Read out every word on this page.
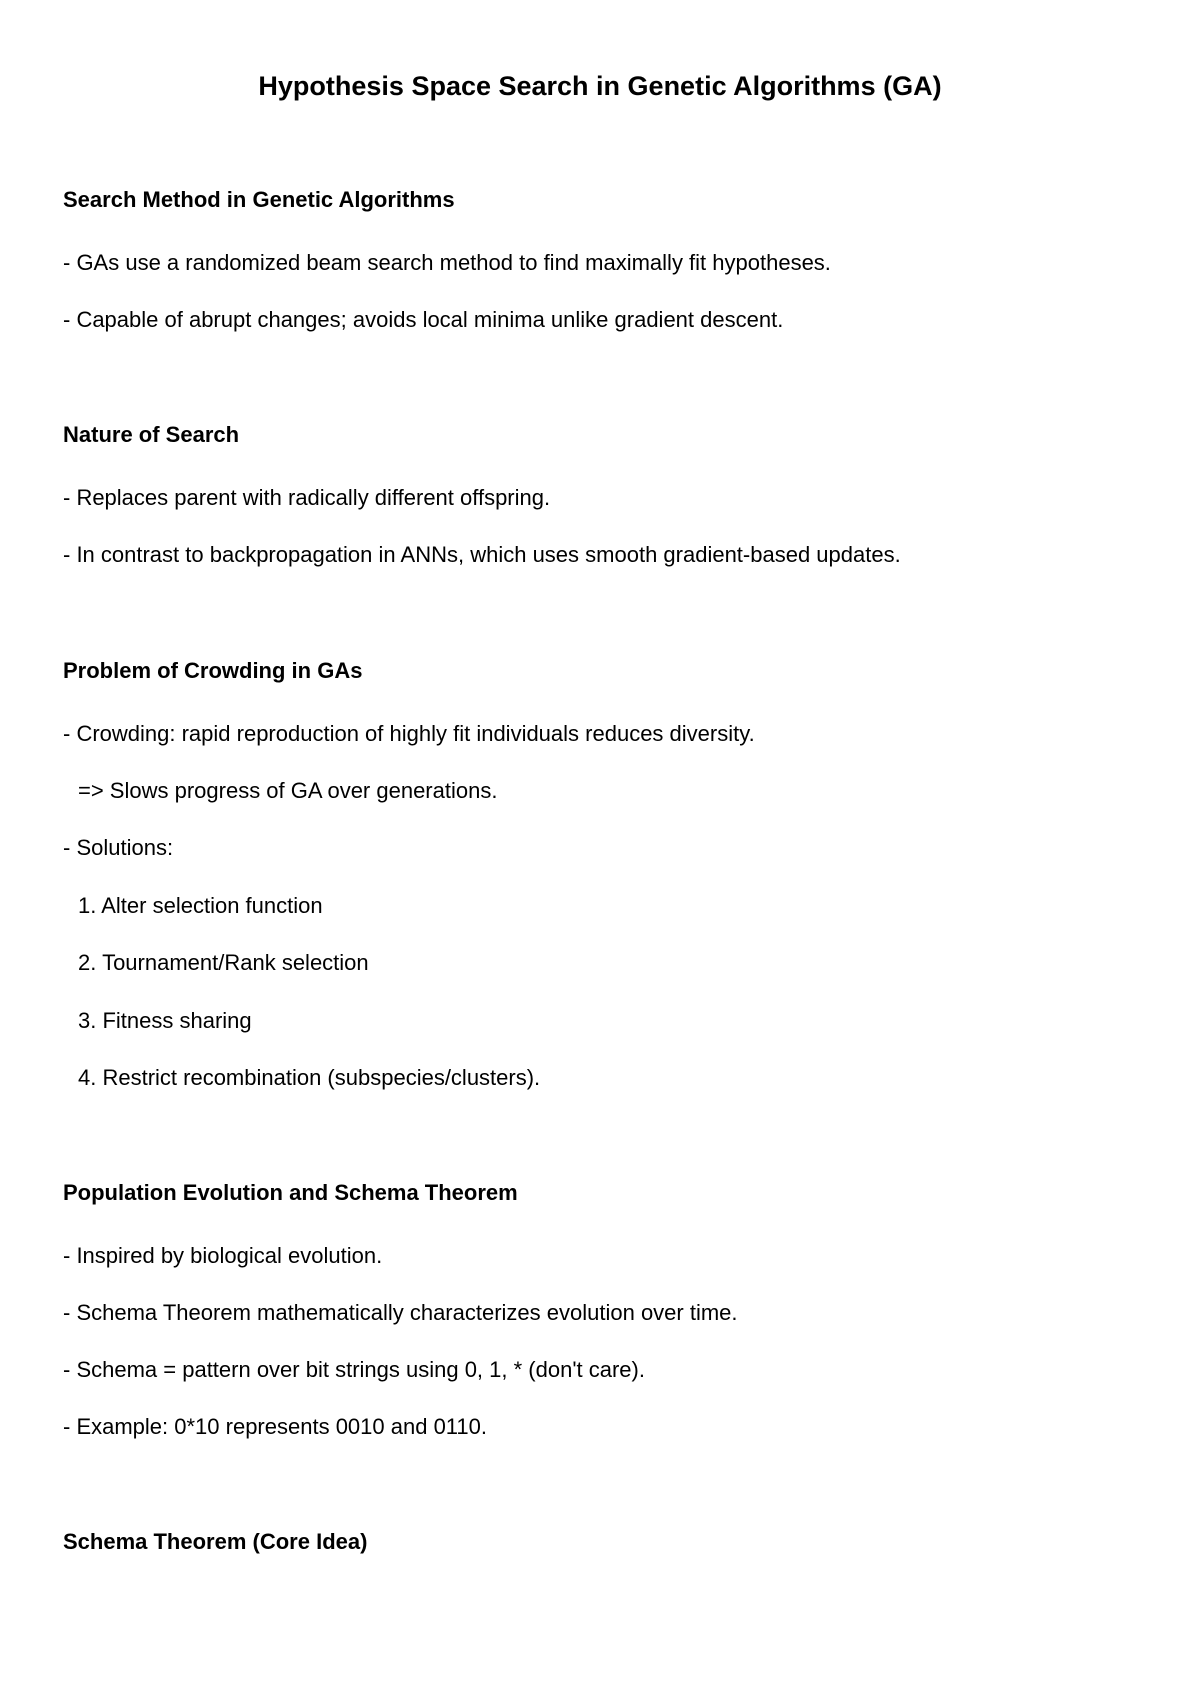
Hypothesis Space Search in Genetic Algorithms (GA)
Search Method in Genetic Algorithms

- GAs use a randomized beam search method to find maximally fit hypotheses.

- Capable of abrupt changes; avoids local minima unlike gradient descent.

Nature of Search

- Replaces parent with radically different offspring.

- In contrast to backpropagation in ANNs, which uses smooth gradient-based updates.

Problem of Crowding in GAs

- Crowding: rapid reproduction of highly fit individuals reduces diversity.

=> Slows progress of GA over generations.

- Solutions:

1. Alter selection function

2. Tournament/Rank selection

3. Fitness sharing

4. Restrict recombination (subspecies/clusters).

Population Evolution and Schema Theorem

- Inspired by biological evolution.

- Schema Theorem mathematically characterizes evolution over time.

- Schema = pattern over bit strings using 0, 1, * (don't care).

- Example: 0*10 represents 0010 and 0110.

Schema Theorem (Core Idea)
